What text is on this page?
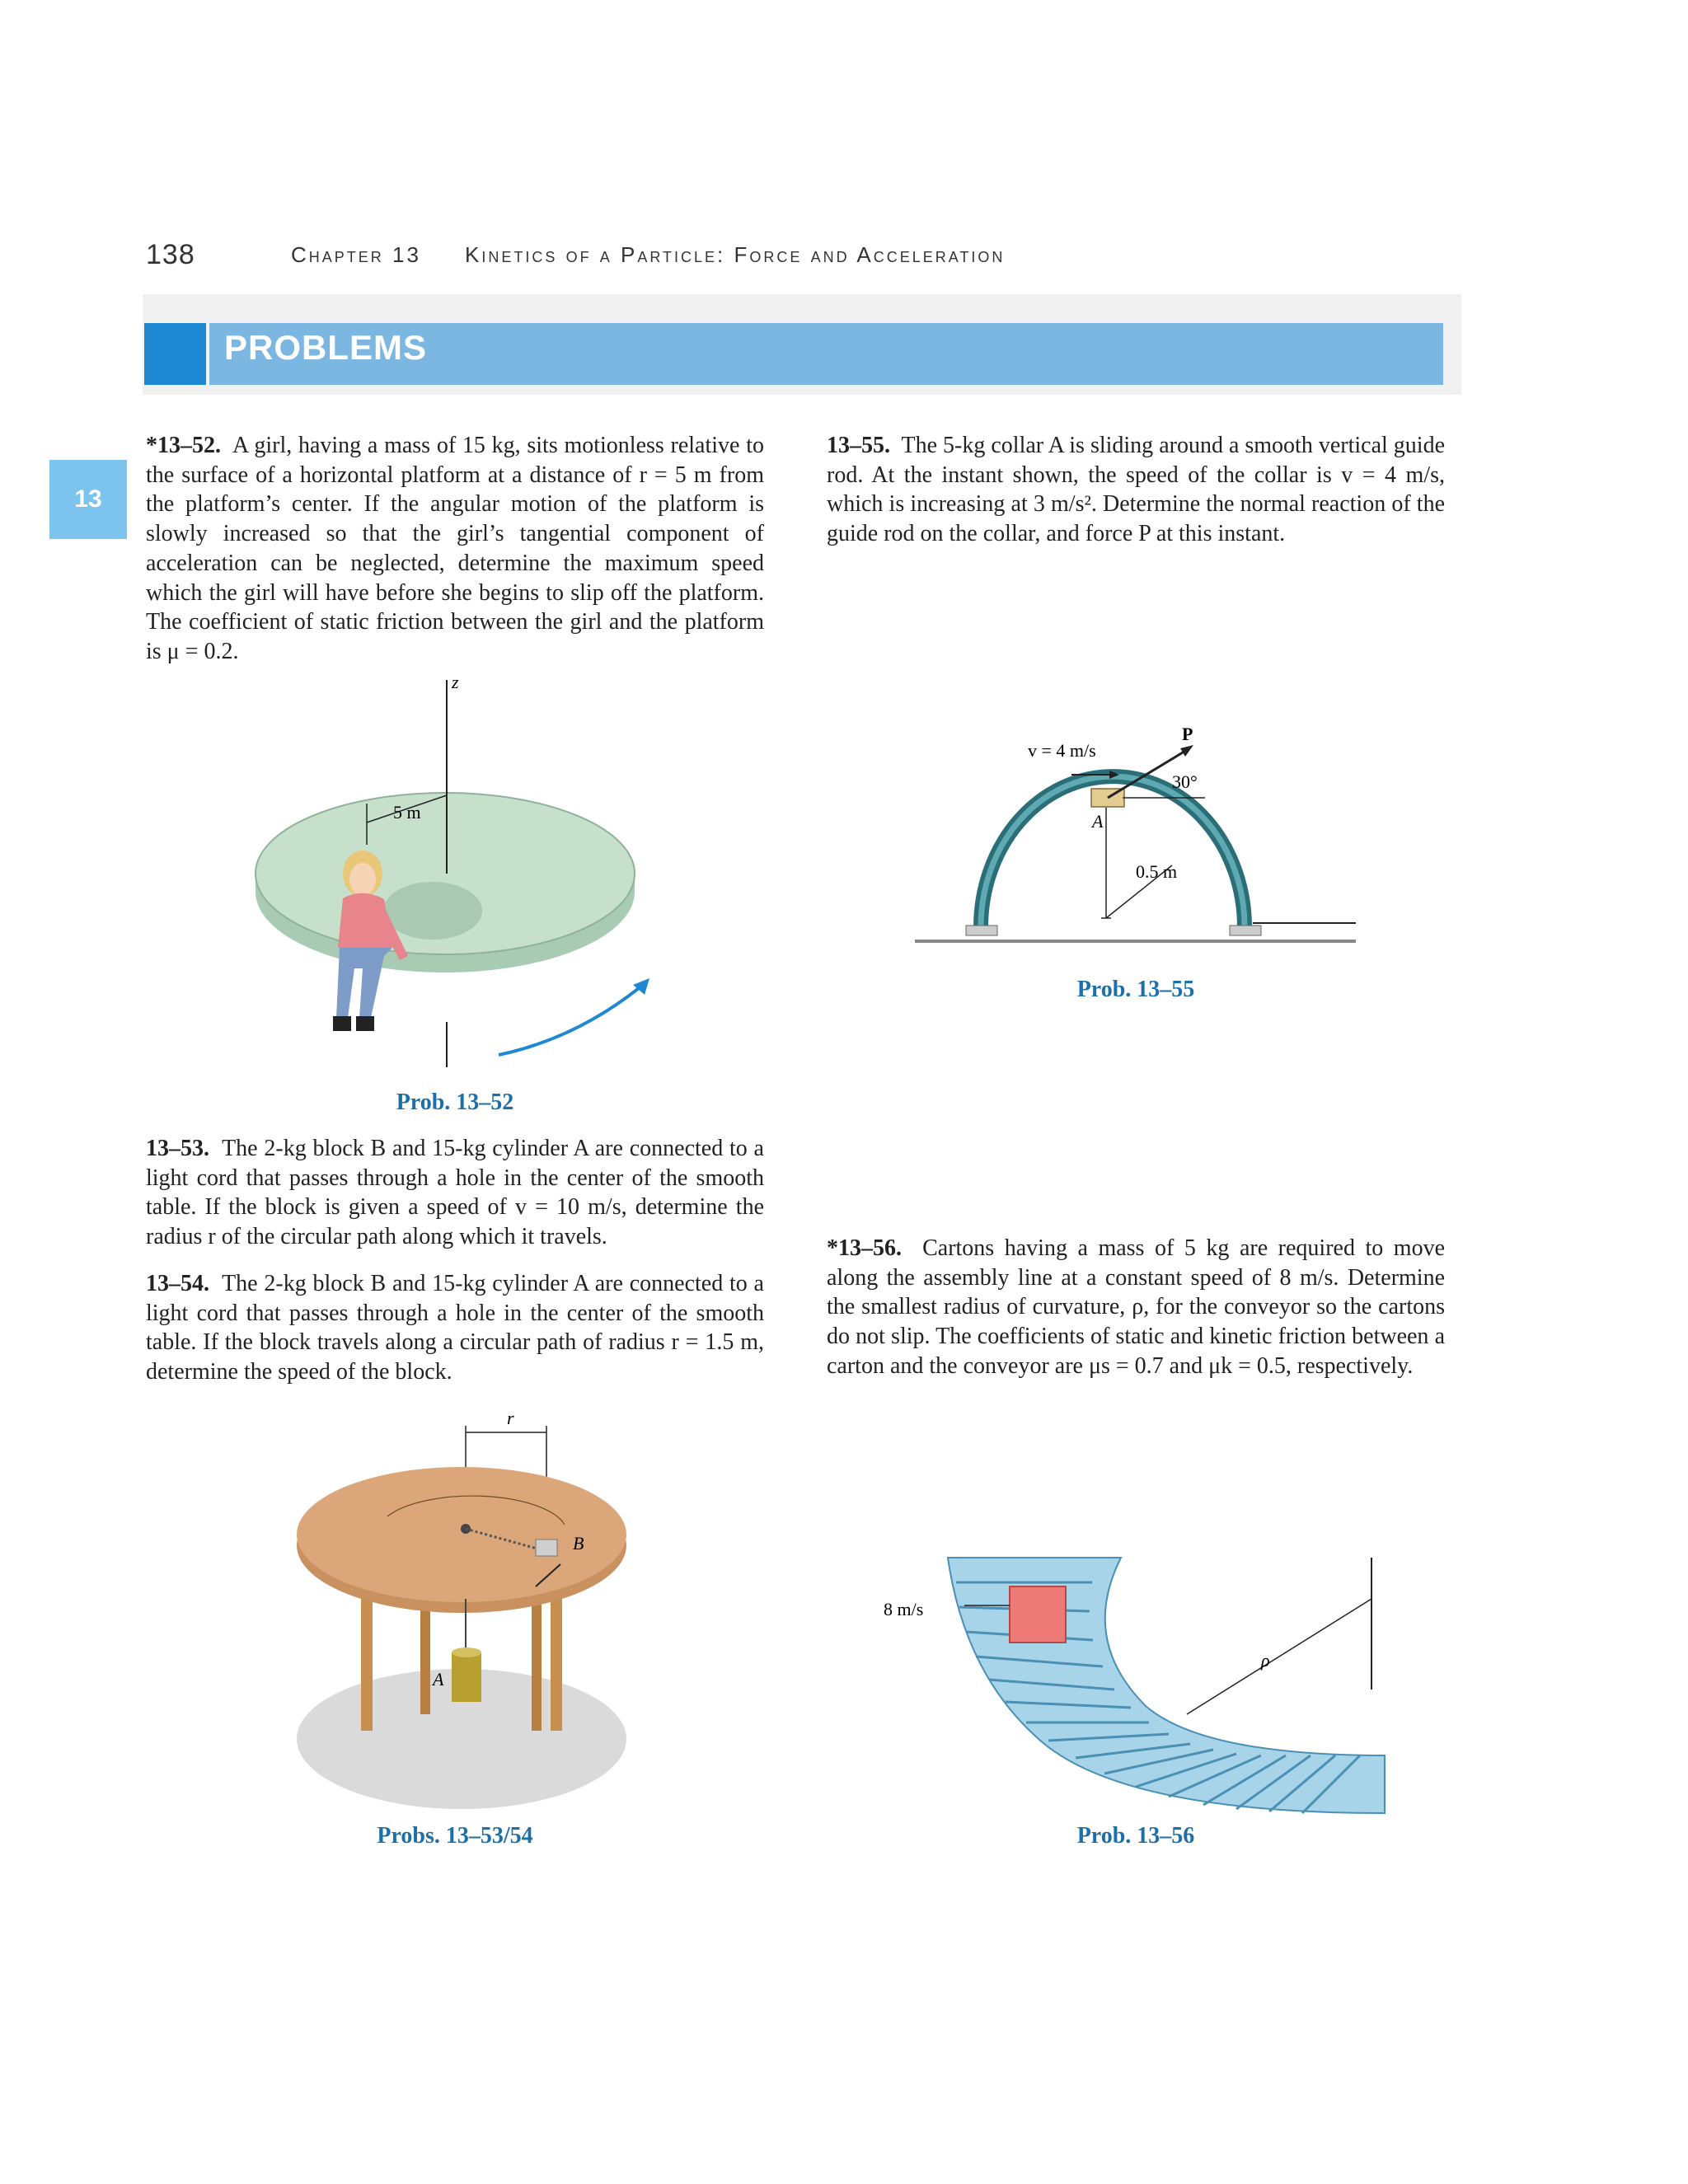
138	Chapter 13 Kinetics of a Particle: Force and Acceleration
PROBLEMS
13
*13–52. A girl, having a mass of 15 kg, sits motionless relative to the surface of a horizontal platform at a distance of r = 5 m from the platform’s center. If the angular motion of the platform is slowly increased so that the girl’s tangential component of acceleration can be neglected, determine the maximum speed which the girl will have before she begins to slip off the platform. The coefficient of static friction between the girl and the platform is μ = 0.2.
z
5 m
Prob. 13–52
13–53. The 2-kg block B and 15-kg cylinder A are connected to a light cord that passes through a hole in the center of the smooth table. If the block is given a speed of v = 10 m/s, determine the radius r of the circular path along which it travels.
13–54. The 2-kg block B and 15-kg cylinder A are connected to a light cord that passes through a hole in the center of the smooth table. If the block travels along a circular path of radius r = 1.5 m, determine the speed of the block.
r
B
A
Probs. 13–53/54
13–55. The 5-kg collar A is sliding around a smooth vertical guide rod. At the instant shown, the speed of the collar is v = 4 m/s, which is increasing at 3 m/s². Determine the normal reaction of the guide rod on the collar, and force P at this instant.
A
0.5 m
v = 4 m/s
P
30°
Prob. 13–55
*13–56. Cartons having a mass of 5 kg are required to move along the assembly line at a constant speed of 8 m/s. Determine the smallest radius of curvature, ρ, for the conveyor so the cartons do not slip. The coefficients of static and kinetic friction between a carton and the conveyor are μs = 0.7 and μk = 0.5, respectively.
8 m/s
ρ
Prob. 13–56
